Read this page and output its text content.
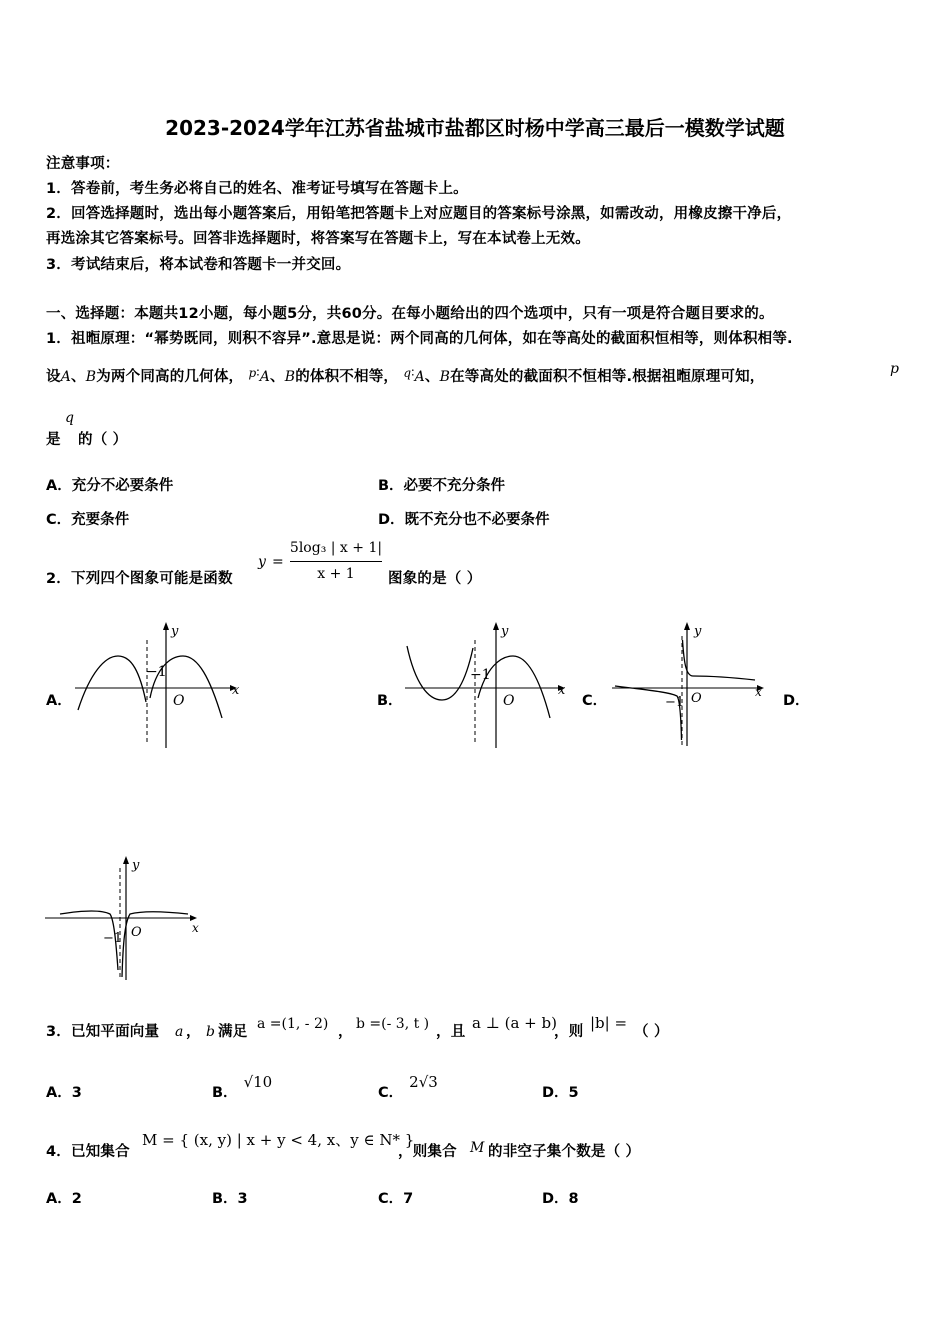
2023-2024学年江苏省盐城市盐都区时杨中学高三最后一模数学试题
注意事项：
1．答卷前，考生务必将自己的姓名、准考证号填写在答题卡上。
2．回答选择题时，选出每小题答案后，用铅笔把答题卡上对应题目的答案标号涂黑，如需改动，用橡皮擦干净后，
再选涂其它答案标号。回答非选择题时，将答案写在答题卡上，写在本试卷上无效。
3．考试结束后，将本试卷和答题卡一并交回。
一、选择题：本题共12小题，每小题5分，共60分。在每小题给出的四个选项中，只有一项是符合题目要求的。
1．祖暅原理：“幂势既同，则积不容异”.意思是说：两个同高的几何体，如在等高处的截面积恒相等，则体积相等.
设A、B为两个同高的几何体， $^{p∶}$A、B的体积不相等， $^{q∶}$A、B在等高处的截面积不恒相等.根据祖暅原理可知，	p
是
q
的（ ）
A．充分不必要条件	B．必要不充分条件
C．充要条件	D．既不充分也不必要条件
2．下列四个图象可能是函数
y =
5log₃ | x + 1|
x + 1	图象的是（ ）
A．	B．	C．	D．
x
y
O
−1
x
y
O
−1
x
y
O
−1
x
y
O
−1
3．已知平面向量 a ， b 满足 a =(1, - 2) ， b =(- 3, t ) ，且 a ⊥ (a + b)
，则 |b| = （ ）
A．3	B．√10
C．2√3
D．5
4．已知集合
M = { (x, y) | x + y < 4, x、y ∈ N* }
，则集合 M 的非空子集个数是（ ）
A．2	B．3	C．7	D．8
